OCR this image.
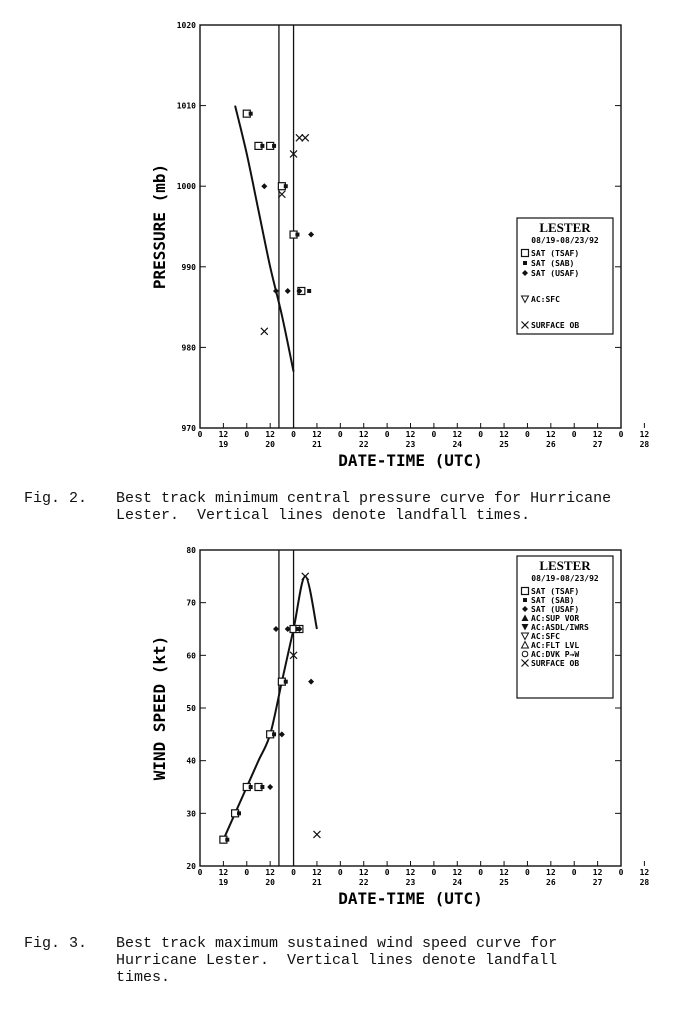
970
980
990
1000
1010
1020
0 12 0 12 0 12 0 12 0 12 0 12 0 12 0 12 0 12 0 12
19	20	21	22	23	24	25	26	27	28
DATE-TIME (UTC)
PRESSURE (mb)	LESTER
08/19-08/23/92
SAT (TSAF)
SAT (SAB)
SAT (USAF)
AC:SFC
SURFACE OB
20
30
40
50
60
70
80
0 12 0 12 0 12 0 12 0 12 0 12 0 12 0 12 0 12 0 12
19	20	21	22	23	24	25	26	27	28
DATE-TIME (UTC)
WIND SPEED (kt)
LESTER
08/19-08/23/92
SAT (TSAF)
SAT (SAB)
SAT (USAF)
AC:SUP VOR
AC:ASDL/IWRS
AC:SFC
AC:FLT LVL
AC:DVK P→W
SURFACE OB
Fig. 2. Best track minimum central pressure curve for Hurricane
Lester.  Vertical lines denote landfall times.
Fig. 3. Best track maximum sustained wind speed curve for
Hurricane Lester.  Vertical lines denote landfall
times.
